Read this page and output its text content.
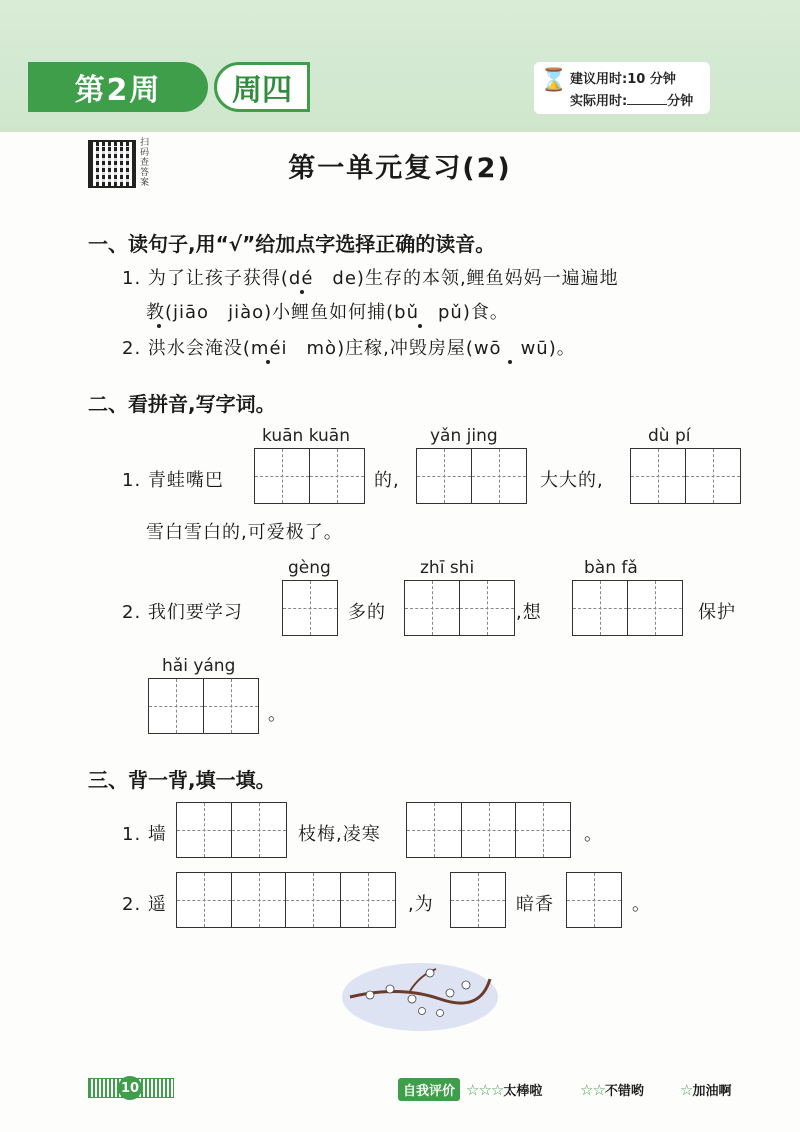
第2周	周四	⌛ 建议用时:10 分钟
实际用时:	分钟
扫码查答案	第一单元复习(2)
一、读句子,用“√”给加点字选择正确的读音。
1. 为了让孩子获得(dé　de)生存的本领,鲤鱼妈妈一遍遍地
教(jiāo　jiào)小鲤鱼如何捕(bǔ　pǔ)食。
2. 洪水会淹没(méi　mò)庄稼,冲毁房屋(wō　wū)。
二、看拼音,写字词。
kuān kuān	yǎn jing	dù pí
1. 青蛙嘴巴	的,	大大的,
雪白雪白的,可爱极了。
gèng	zhī shi	bàn fǎ
2. 我们要学习	多的	,想	保护
hǎi yáng
。
三、背一背,填一填。
1. 墙	枝梅,凌寒	。
2. 遥	,为	暗香	。
10	自我评价 ☆☆☆太棒啦	☆☆不错哟 ☆加油啊
